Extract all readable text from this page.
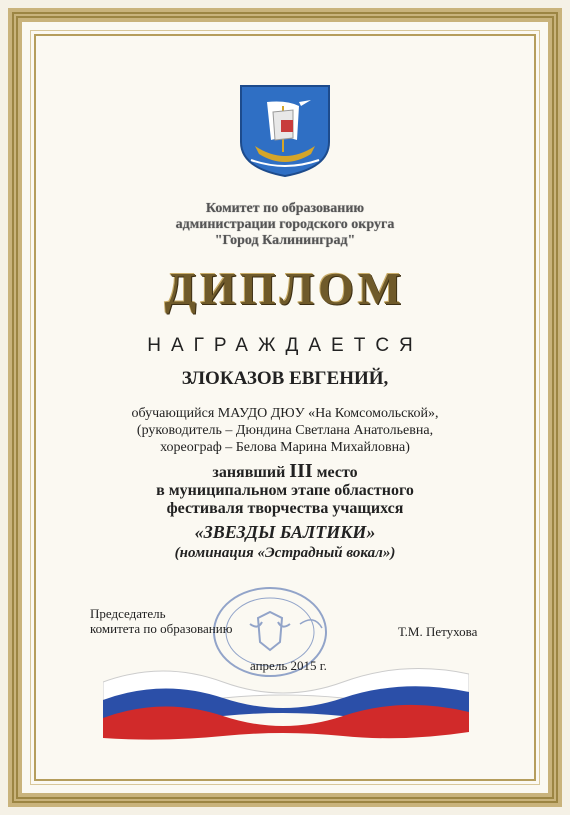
Комитет по образованию
администрации городского округа
"Город Калининград"
ДИПЛОМ
НАГРАЖДАЕТСЯ
ЗЛОКАЗОВ ЕВГЕНИЙ,
обучающийся МАУДО ДЮУ «На Комсомольской»,
(руководитель – Дюндина Светлана Анатольевна,
хореограф – Белова Марина Михайловна)
занявший III место
в муниципальном этапе областного
фестиваля творчества учащихся
«ЗВЕЗДЫ БАЛТИКИ»
(номинация «Эстрадный вокал»)
Председатель
комитета по образованию	Т.М. Петухова
апрель 2015 г.
